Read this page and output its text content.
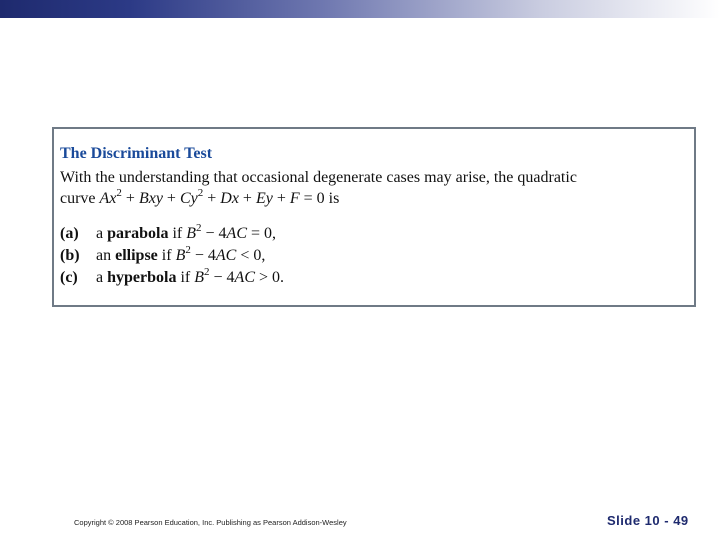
The Discriminant Test
With the understanding that occasional degenerate cases may arise, the quadratic
curve $Ax^2$ + Bxy + $Cy^2 + Dx + Ey + F = 0$ is
(a) a parabola if $B^2 - 4AC = 0$,
(b) an ellipse if $B^2 - 4AC < 0$,
(c) a hyperbola if $B^2 - 4AC > 0$.
Copyright © 2008 Pearson Education, Inc. Publishing as Pearson Addison-Wesley	Slide 10 - 49
